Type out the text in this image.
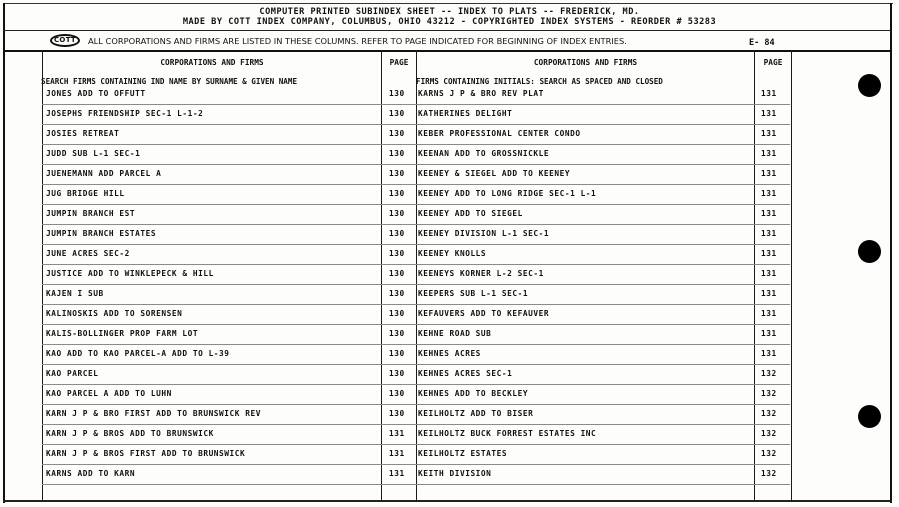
COMPUTER PRINTED SUBINDEX SHEET -- INDEX TO PLATS -- FREDERICK, MD.
MADE BY COTT INDEX COMPANY, COLUMBUS, OHIO 43212 - COPYRIGHTED INDEX SYSTEMS - REORDER # 53283
COTT	ALL CORPORATIONS AND FIRMS ARE LISTED IN THESE COLUMNS. REFER TO PAGE INDICATED FOR BEGINNING OF INDEX ENTRIES.	E- 84
CORPORATIONS AND FIRMS	PAGE	CORPORATIONS AND FIRMS	PAGE
SEARCH FIRMS CONTAINING IND NAME BY SURNAME & GIVEN NAME	FIRMS CONTAINING INITIALS: SEARCH AS SPACED AND CLOSED
JONES ADD TO OFFUTT	130 KARNS J P & BRO REV PLAT	131
JOSEPHS FRIENDSHIP SEC-1 L-1-2	130 KATHERINES DELIGHT	131
JOSIES RETREAT	130 KEBER PROFESSIONAL CENTER CONDO	131
JUDD SUB L-1 SEC-1	130 KEENAN ADD TO GROSSNICKLE	131
JUENEMANN ADD PARCEL A	130 KEENEY & SIEGEL ADD TO KEENEY	131
JUG BRIDGE HILL	130 KEENEY ADD TO LONG RIDGE SEC-1 L-1	131
JUMPIN BRANCH EST	130 KEENEY ADD TO SIEGEL	131
JUMPIN BRANCH ESTATES	130 KEENEY DIVISION L-1 SEC-1	131
JUNE ACRES SEC-2	130 KEENEY KNOLLS	131
JUSTICE ADD TO WINKLEPECK & HILL	130 KEENEYS KORNER L-2 SEC-1	131
KAJEN I SUB	130 KEEPERS SUB L-1 SEC-1	131
KALINOSKIS ADD TO SORENSEN	130 KEFAUVERS ADD TO KEFAUVER	131
KALIS-BOLLINGER PROP FARM LOT	130 KEHNE ROAD SUB	131
KAO ADD TO KAO PARCEL-A ADD TO L-39	130 KEHNES ACRES	131
KAO PARCEL	130 KEHNES ACRES SEC-1	132
KAO PARCEL A ADD TO LUHN	130 KEHNES ADD TO BECKLEY	132
KARN J P & BRO FIRST ADD TO BRUNSWICK REV	130 KEILHOLTZ ADD TO BISER	132
KARN J P & BROS ADD TO BRUNSWICK	131 KEILHOLTZ BUCK FORREST ESTATES INC	132
KARN J P & BROS FIRST ADD TO BRUNSWICK	131 KEILHOLTZ ESTATES	132
KARNS ADD TO KARN	131 KEITH DIVISION	132
